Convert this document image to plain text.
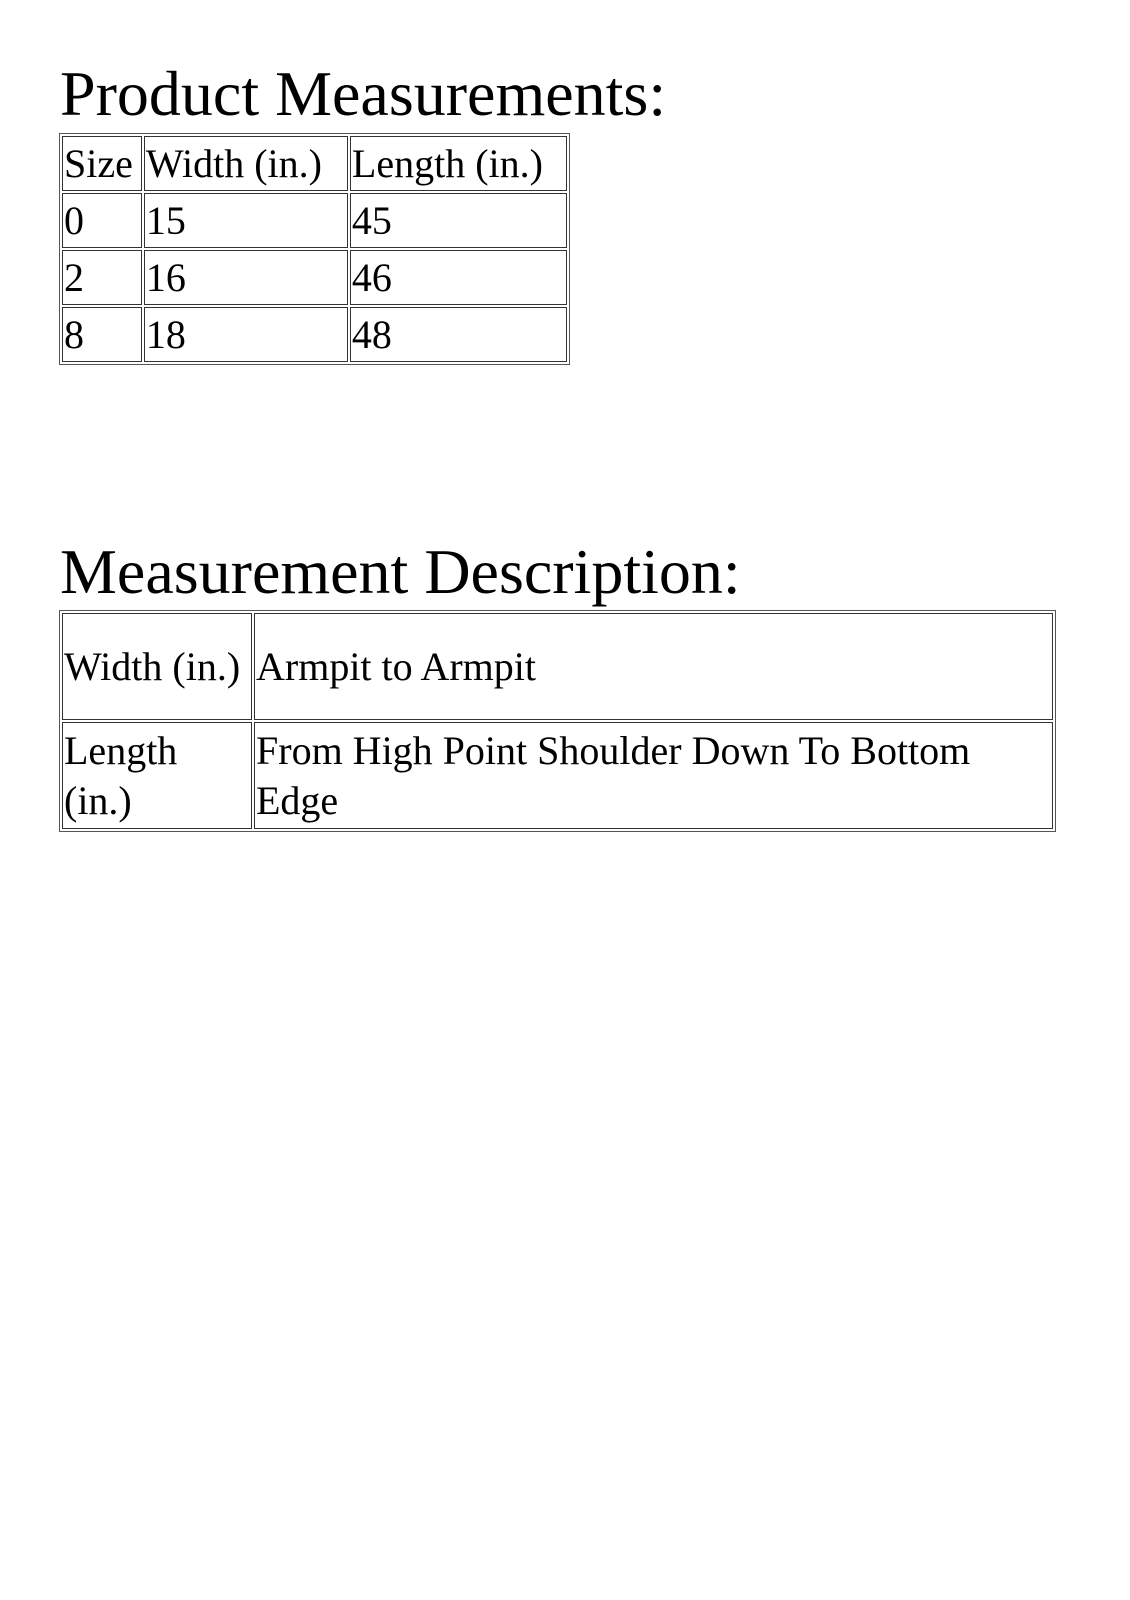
Product Measurements:
Size	Width (in.)	Length (in.)
0	15	45
2	16	46
8	18	48
Measurement Description:
Width (in.)	Armpit to Armpit
Length (in.)	From High Point Shoulder Down To Bottom Edge
